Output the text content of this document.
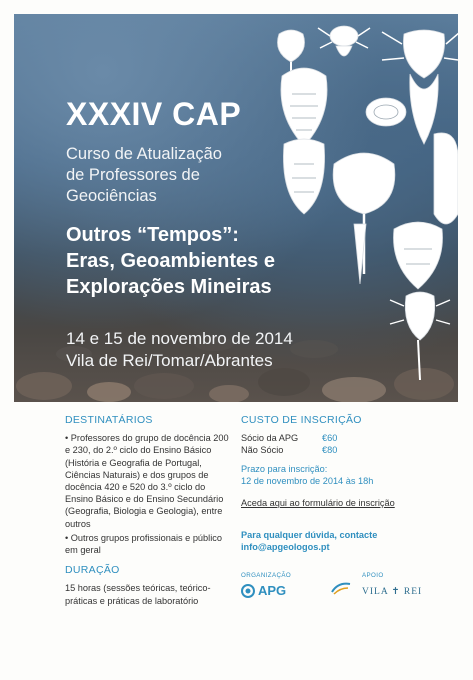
XXXIV CAP
Curso de Atualização
de Professores de
Geociências
Outros “Tempos”:
Eras, Geoambientes e
Explorações Mineiras
14 e 15 de novembro de 2014
Vila de Rei/Tomar/Abrantes
DESTINATÁRIOS
• Professores do grupo de docência 200 e 230, do 2.º ciclo do Ensino Básico (História e Geografia de Portugal, Ciências Naturais) e dos grupos de docência 420 e 520 do 3.º ciclo do Ensino Básico e do Ensino Secundário (Geografia, Biologia e Geologia), entre outros
• Outros grupos profissionais e público em geral
DURAÇÃO
15 horas (sessões teóricas, teórico-práticas e práticas de laboratório
CUSTO DE INSCRIÇÃO
Sócio da APG	€60
Não Sócio	€80
Prazo para inscrição:
12 de novembro de 2014 às 18h
Aceda aqui ao formulário de inscrição
Para qualquer dúvida, contacte
info@apgeologos.pt
ORGANIZAÇÃO
APG
APOIO
VILA ✝ REI
